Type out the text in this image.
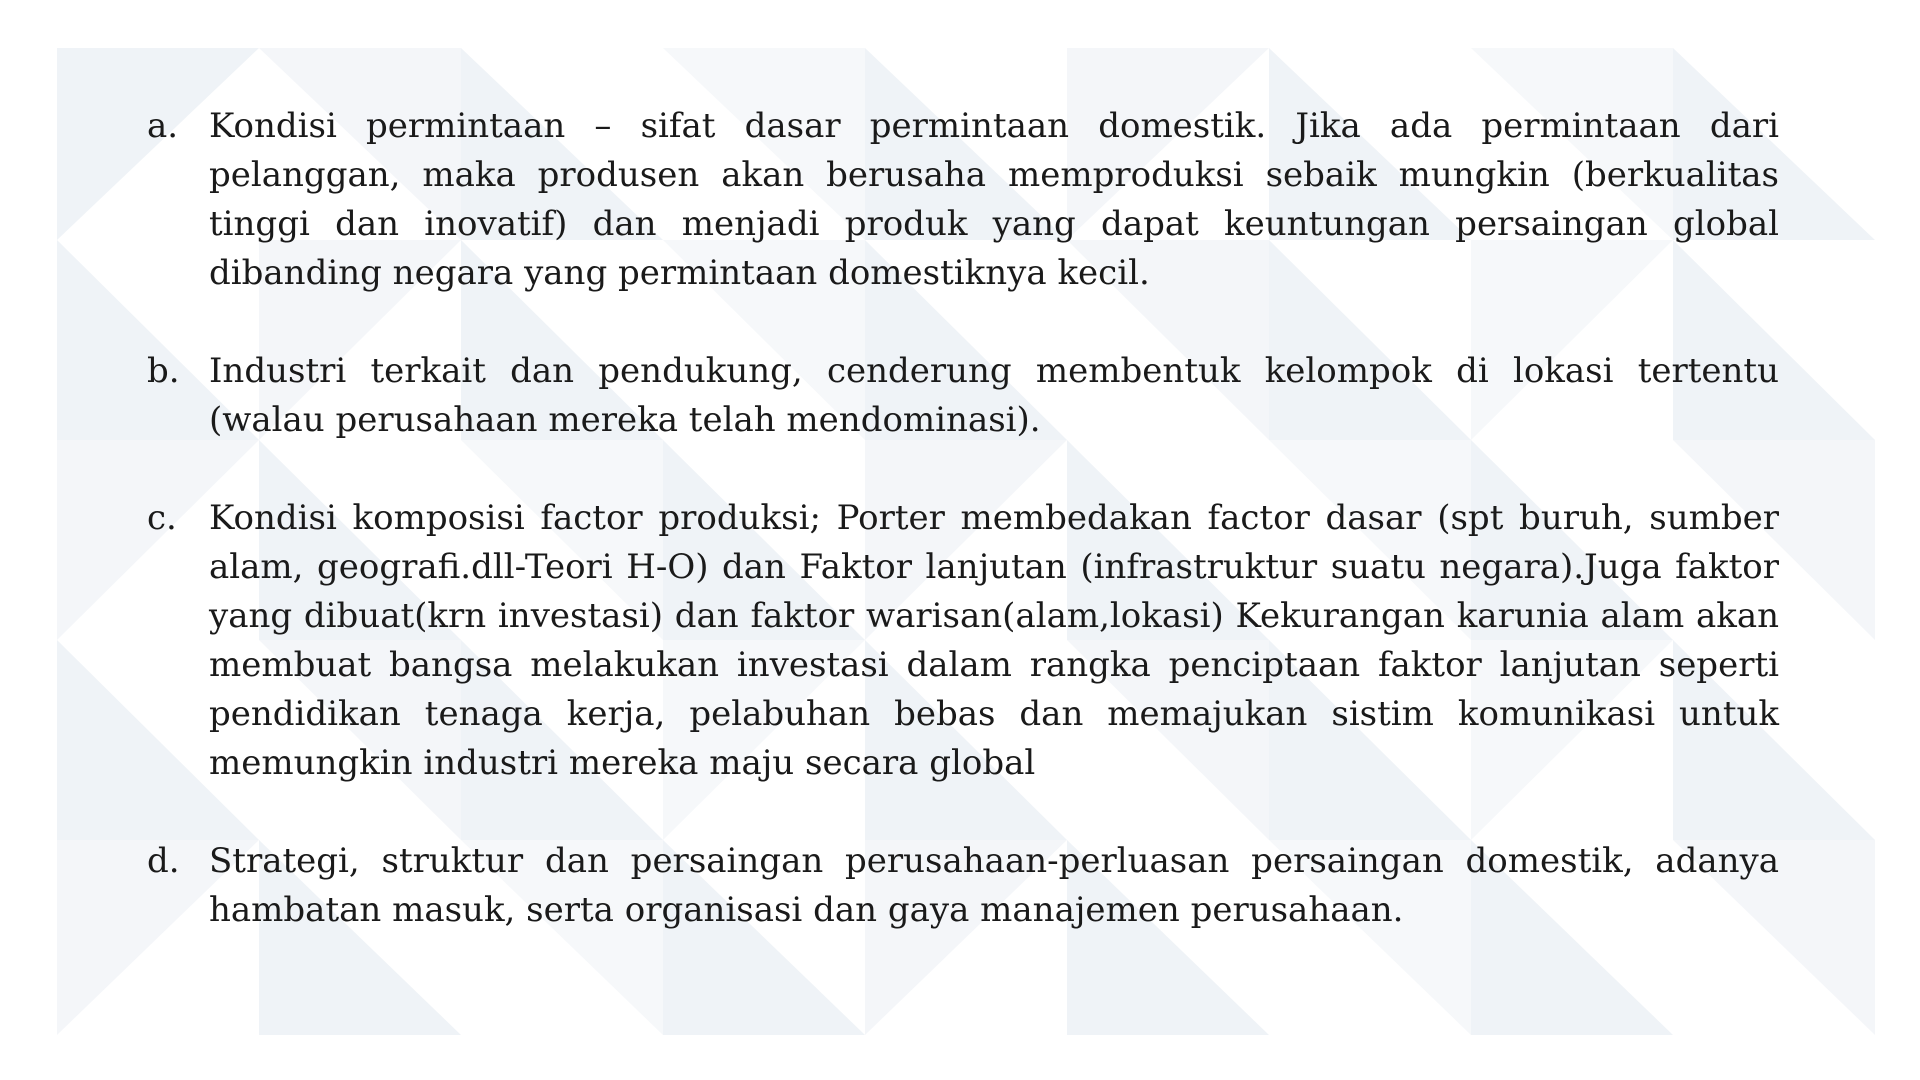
a. Kondisi permintaan – sifat dasar permintaan domestik. Jika ada permintaan dari pelanggan, maka produsen akan berusaha memproduksi sebaik mungkin (berkualitas tinggi dan inovatif) dan menjadi produk yang dapat keuntungan persaingan global dibanding negara yang permintaan domestiknya kecil.
b. Industri terkait dan pendukung, cenderung membentuk kelompok di lokasi tertentu (walau perusahaan mereka telah mendominasi).
c. Kondisi komposisi factor produksi; Porter membedakan factor dasar (spt buruh, sumber alam, geografi.dll-Teori H-O) dan Faktor lanjutan (infrastruktur suatu negara).Juga faktor yang dibuat(krn investasi) dan faktor warisan(alam,lokasi) Kekurangan karunia alam akan membuat bangsa melakukan investasi dalam rangka penciptaan faktor lanjutan seperti pendidikan tenaga kerja, pelabuhan bebas dan memajukan sistim komunikasi untuk memungkin industri mereka maju secara global
d. Strategi, struktur dan persaingan perusahaan-perluasan persaingan domestik, adanya hambatan masuk, serta organisasi dan gaya manajemen perusahaan.
